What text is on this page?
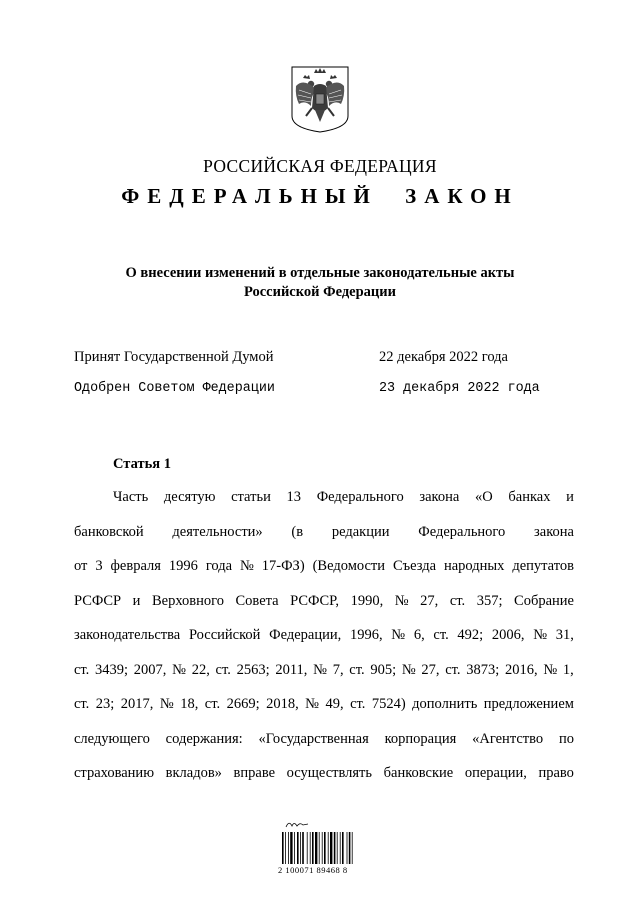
РОССИЙСКАЯ ФЕДЕРАЦИЯ
ФЕДЕРАЛЬНЫЙ ЗАКОН
О внесении изменений в отдельные законодательные акты
Российской Федерации
Принят Государственной Думой	22 декабря 2022 года
Одобрен Советом Федерации	23 декабря 2022 года
Статья 1
Часть десятую статьи 13 Федерального закона «О банках и
банковской деятельности» (в редакции Федерального закона
от 3 февраля 1996 года № 17-ФЗ) (Ведомости Съезда народных депутатов
РСФСР и Верховного Совета РСФСР, 1990, № 27, ст. 357; Собрание
законодательства Российской Федерации, 1996, № 6, ст. 492; 2006, № 31,
ст. 3439; 2007, № 22, ст. 2563; 2011, № 7, ст. 905; № 27, ст. 3873; 2016, № 1,
ст. 23; 2017, № 18, ст. 2669; 2018, № 49, ст. 7524) дополнить предложением
следующего содержания: «Государственная корпорация «Агентство по
страхованию вкладов» вправе осуществлять банковские операции, право
2 100071 89468 8
